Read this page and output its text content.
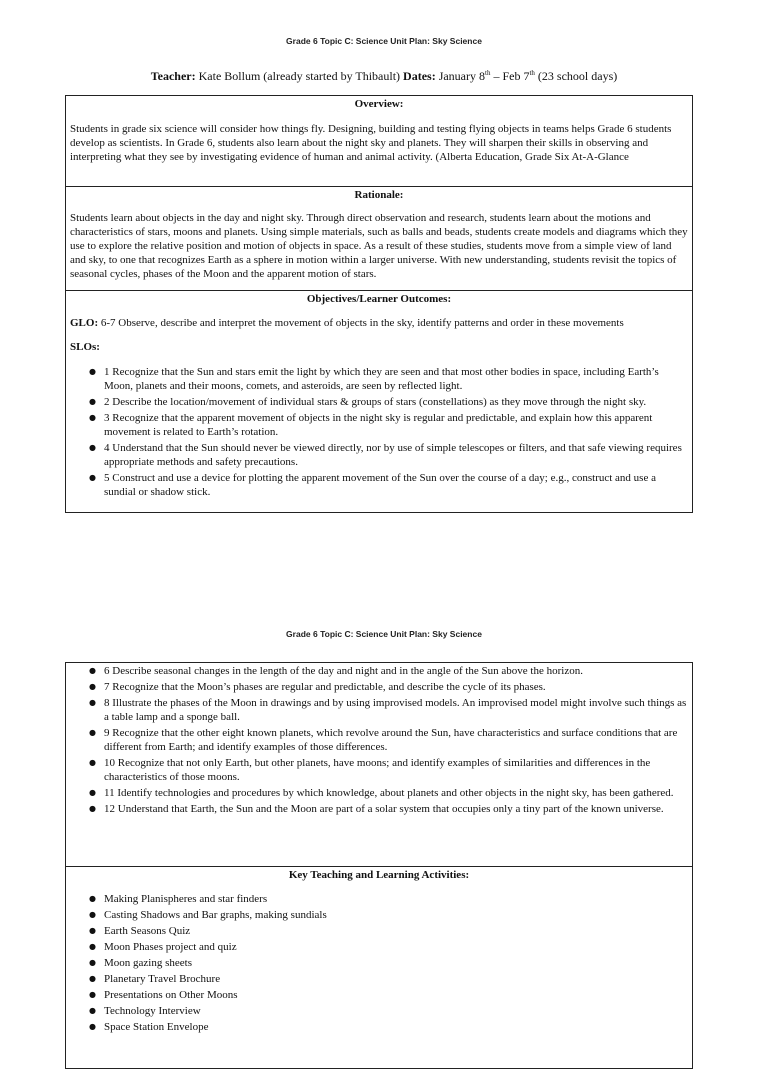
Grade 6 Topic C: Science Unit Plan: Sky Science
Teacher: Kate Bollum (already started by Thibault) Dates: January 8th – Feb 7th (23 school days)
Overview:

Students in grade six science will consider how things fly. Designing, building and testing flying objects in teams helps Grade 6 students develop as scientists. In Grade 6, students also learn about the night sky and planets. They will sharpen their skills in observing and interpreting what they see by investigating evidence of human and animal activity. (Alberta Education, Grade Six At-A-Glance

Rationale:

Students learn about objects in the day and night sky. Through direct observation and research, students learn about the motions and characteristics of stars, moons and planets. Using simple materials, such as balls and beads, students create models and diagrams which they use to explore the relative position and motion of objects in space. As a result of these studies, students move from a simple view of land and sky, to one that recognizes Earth as a sphere in motion within a larger universe. With new understanding, students revisit the topics of seasonal cycles, phases of the Moon and the apparent motion of stars.

Objectives/Learner Outcomes:

GLO: 6-7 Observe, describe and interpret the movement of objects in the sky, identify patterns and order in these movements

SLOs:

● 1 Recognize that the Sun and stars emit the light by which they are seen and that most other bodies in space, including Earth’s Moon, planets and their moons, comets, and asteroids, are seen by reflected light.
● 2 Describe the location/movement of individual stars & groups of stars (constellations) as they move through the night sky.
● 3 Recognize that the apparent movement of objects in the night sky is regular and predictable, and explain how this apparent movement is related to Earth’s rotation.
● 4 Understand that the Sun should never be viewed directly, nor by use of simple telescopes or filters, and that safe viewing requires appropriate methods and safety precautions.
● 5 Construct and use a device for plotting the apparent movement of the Sun over the course of a day; e.g., construct and use a sundial or shadow stick.
Grade 6 Topic C: Science Unit Plan: Sky Science
● 6 Describe seasonal changes in the length of the day and night and in the angle of the Sun above the horizon.
● 7 Recognize that the Moon’s phases are regular and predictable, and describe the cycle of its phases.
● 8 Illustrate the phases of the Moon in drawings and by using improvised models. An improvised model might involve such things as a table lamp and a sponge ball.
● 9 Recognize that the other eight known planets, which revolve around the Sun, have characteristics and surface conditions that are different from Earth; and identify examples of those differences.
● 10 Recognize that not only Earth, but other planets, have moons; and identify examples of similarities and differences in the characteristics of those moons.
● 11 Identify technologies and procedures by which knowledge, about planets and other objects in the night sky, has been gathered.
● 12 Understand that Earth, the Sun and the Moon are part of a solar system that occupies only a tiny part of the known universe.

Key Teaching and Learning Activities:
● Making Planispheres and star finders
● Casting Shadows and Bar graphs, making sundials
● Earth Seasons Quiz
● Moon Phases project and quiz
● Moon gazing sheets
● Planetary Travel Brochure
● Presentations on Other Moons
● Technology Interview
● Space Station Envelope
